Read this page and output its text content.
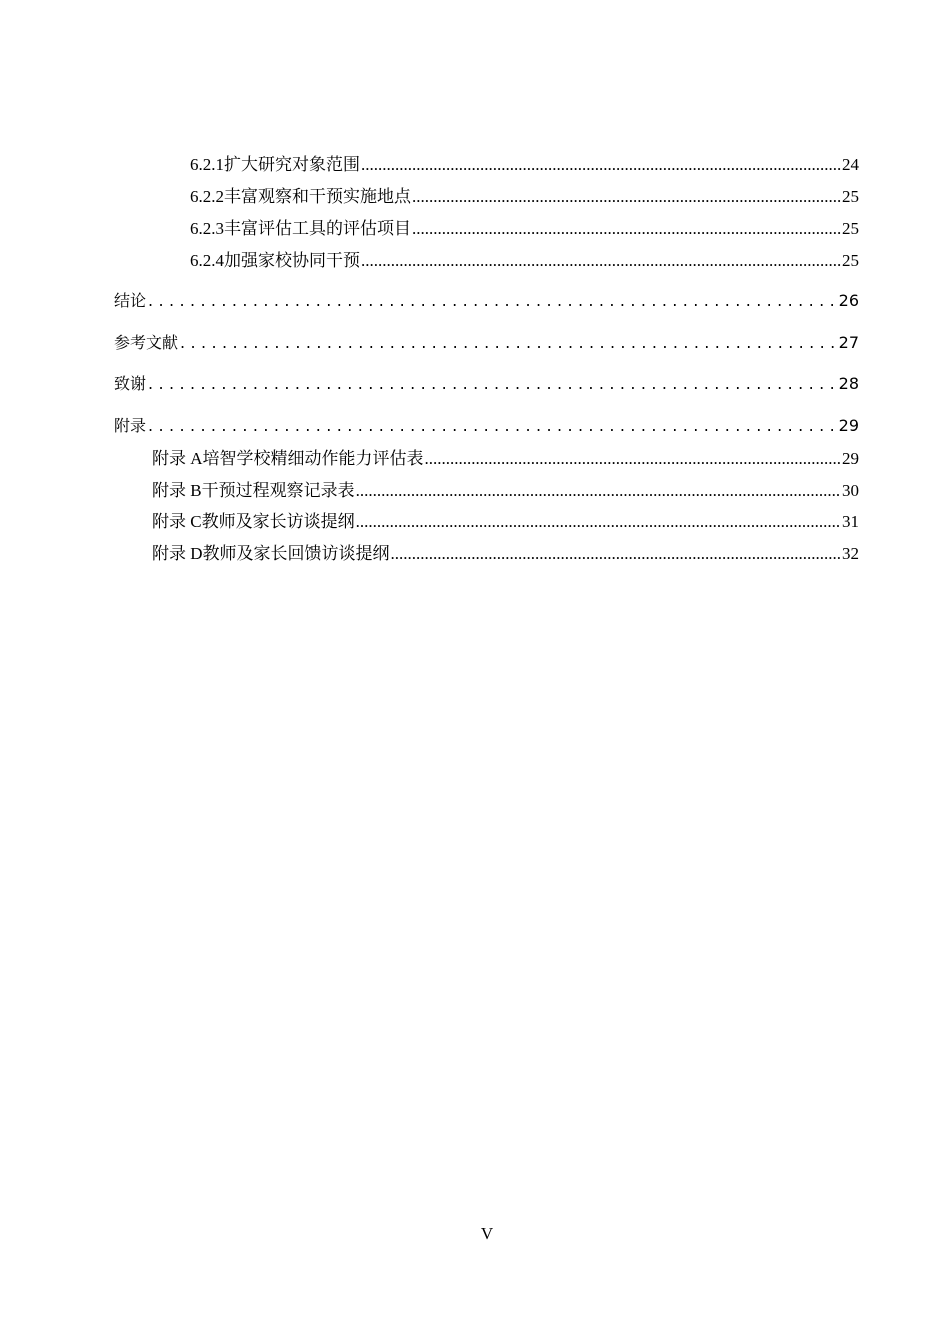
6.2.1 扩大研究对象范围 .....	24
6.2.2 丰富观察和干预实施地点 .....	25
6.2.3 丰富评估工具的评估项目 .....	25
6.2.4 加强家校协同干预 .....	25
结论 .....	26
参考文献 .....	27
致谢 .....	28
附录 .....	29
附录 A 培智学校精细动作能力评估表 .....	29
附录 B 干预过程观察记录表 .....	30
附录 C 教师及家长访谈提纲 .....	31
附录 D 教师及家长回馈访谈提纲 .....	32
V
